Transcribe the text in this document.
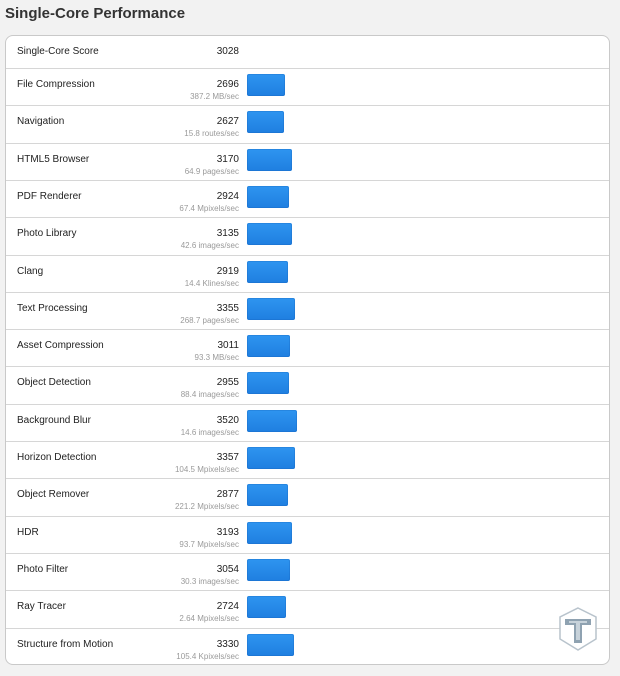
Single-Core Performance
Single-Core Score	3028
File Compression	2696
387.2 MB/sec
Navigation	2627
15.8 routes/sec
HTML5 Browser	3170
64.9 pages/sec
PDF Renderer	2924
67.4 Mpixels/sec
Photo Library	3135
42.6 images/sec
Clang	2919
14.4 Klines/sec
Text Processing	3355
268.7 pages/sec
Asset Compression	3011
93.3 MB/sec
Object Detection	2955
88.4 images/sec
Background Blur	3520
14.6 images/sec
Horizon Detection	3357
104.5 Mpixels/sec
Object Remover	2877
221.2 Mpixels/sec
HDR	3193
93.7 Mpixels/sec
Photo Filter	3054
30.3 images/sec
Ray Tracer	2724
2.64 Mpixels/sec
Structure from Motion	3330
105.4 Kpixels/sec
